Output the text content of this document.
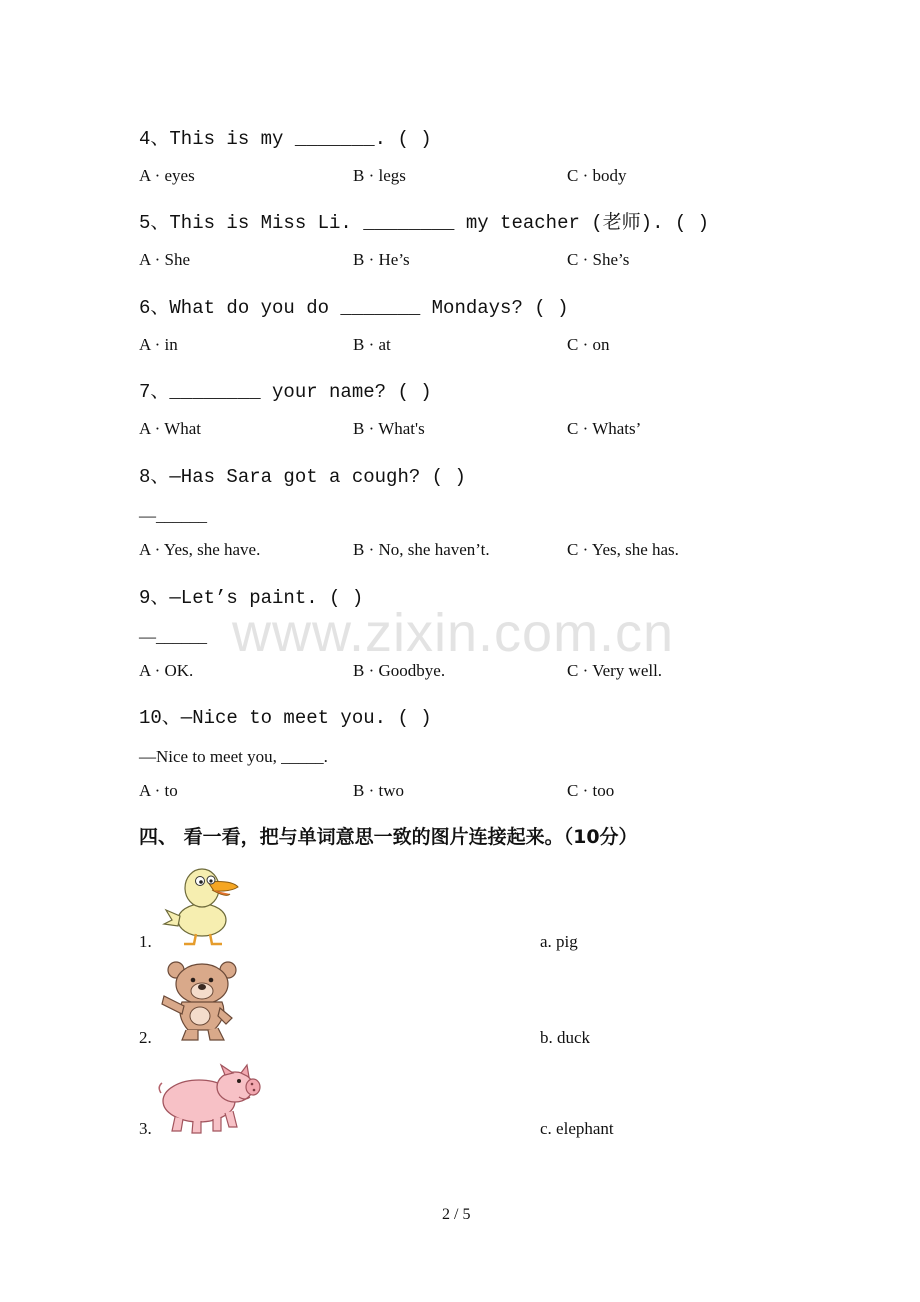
www.zixin.com.cn
4、This is my _______. ( )
A · eyes	B · legs	C · body
5、This is Miss Li. ________ my teacher (老师). ( )
A · She	B · He’s	C · She’s
6、What do you do _______ Mondays? ( )
A · in	B · at	C · on
7、________ your name? ( )
A · What	B · What's	C · Whats’
8、—Has Sara got a cough? ( )
—______
A · Yes, she have.	B · No, she haven’t.	C · Yes, she has.
9、—Let’s paint. ( )
—______
A · OK.	B · Goodbye.	C · Very well.
10、—Nice to meet you. ( )
—Nice to meet you, _____.
A · to	B · two	C · too
四、 看一看，把与单词意思一致的图片连接起来。（10分）
1.	a. pig
2.	b. duck
3.	c. elephant
2 / 5
